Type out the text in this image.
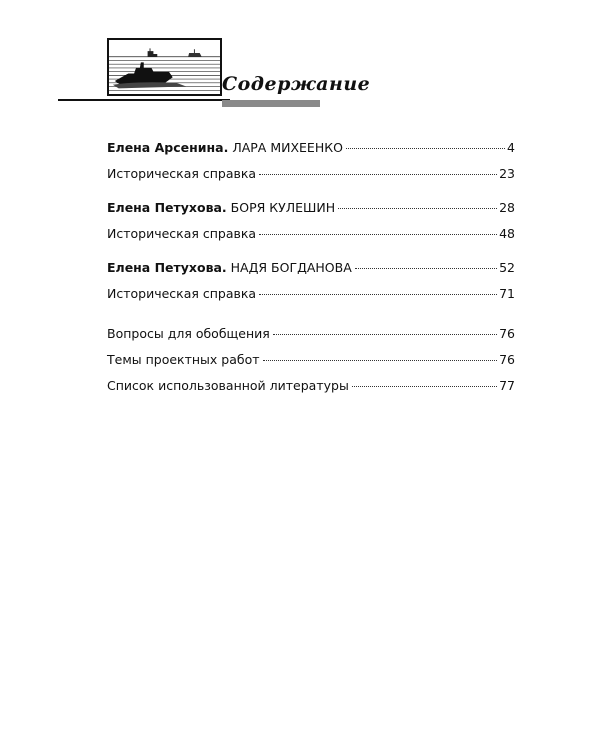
Содержание
Елена Арсенина.
ЛАРА МИХЕЕНКО	4
Историческая справка	23
Елена Петухова.
БОРЯ КУЛЕШИН	28
Историческая справка	48
Елена Петухова.
НАДЯ БОГДАНОВА	52
Историческая справка	71
Вопросы для обобщения	76
Темы проектных работ	76
Список использованной литературы	77
